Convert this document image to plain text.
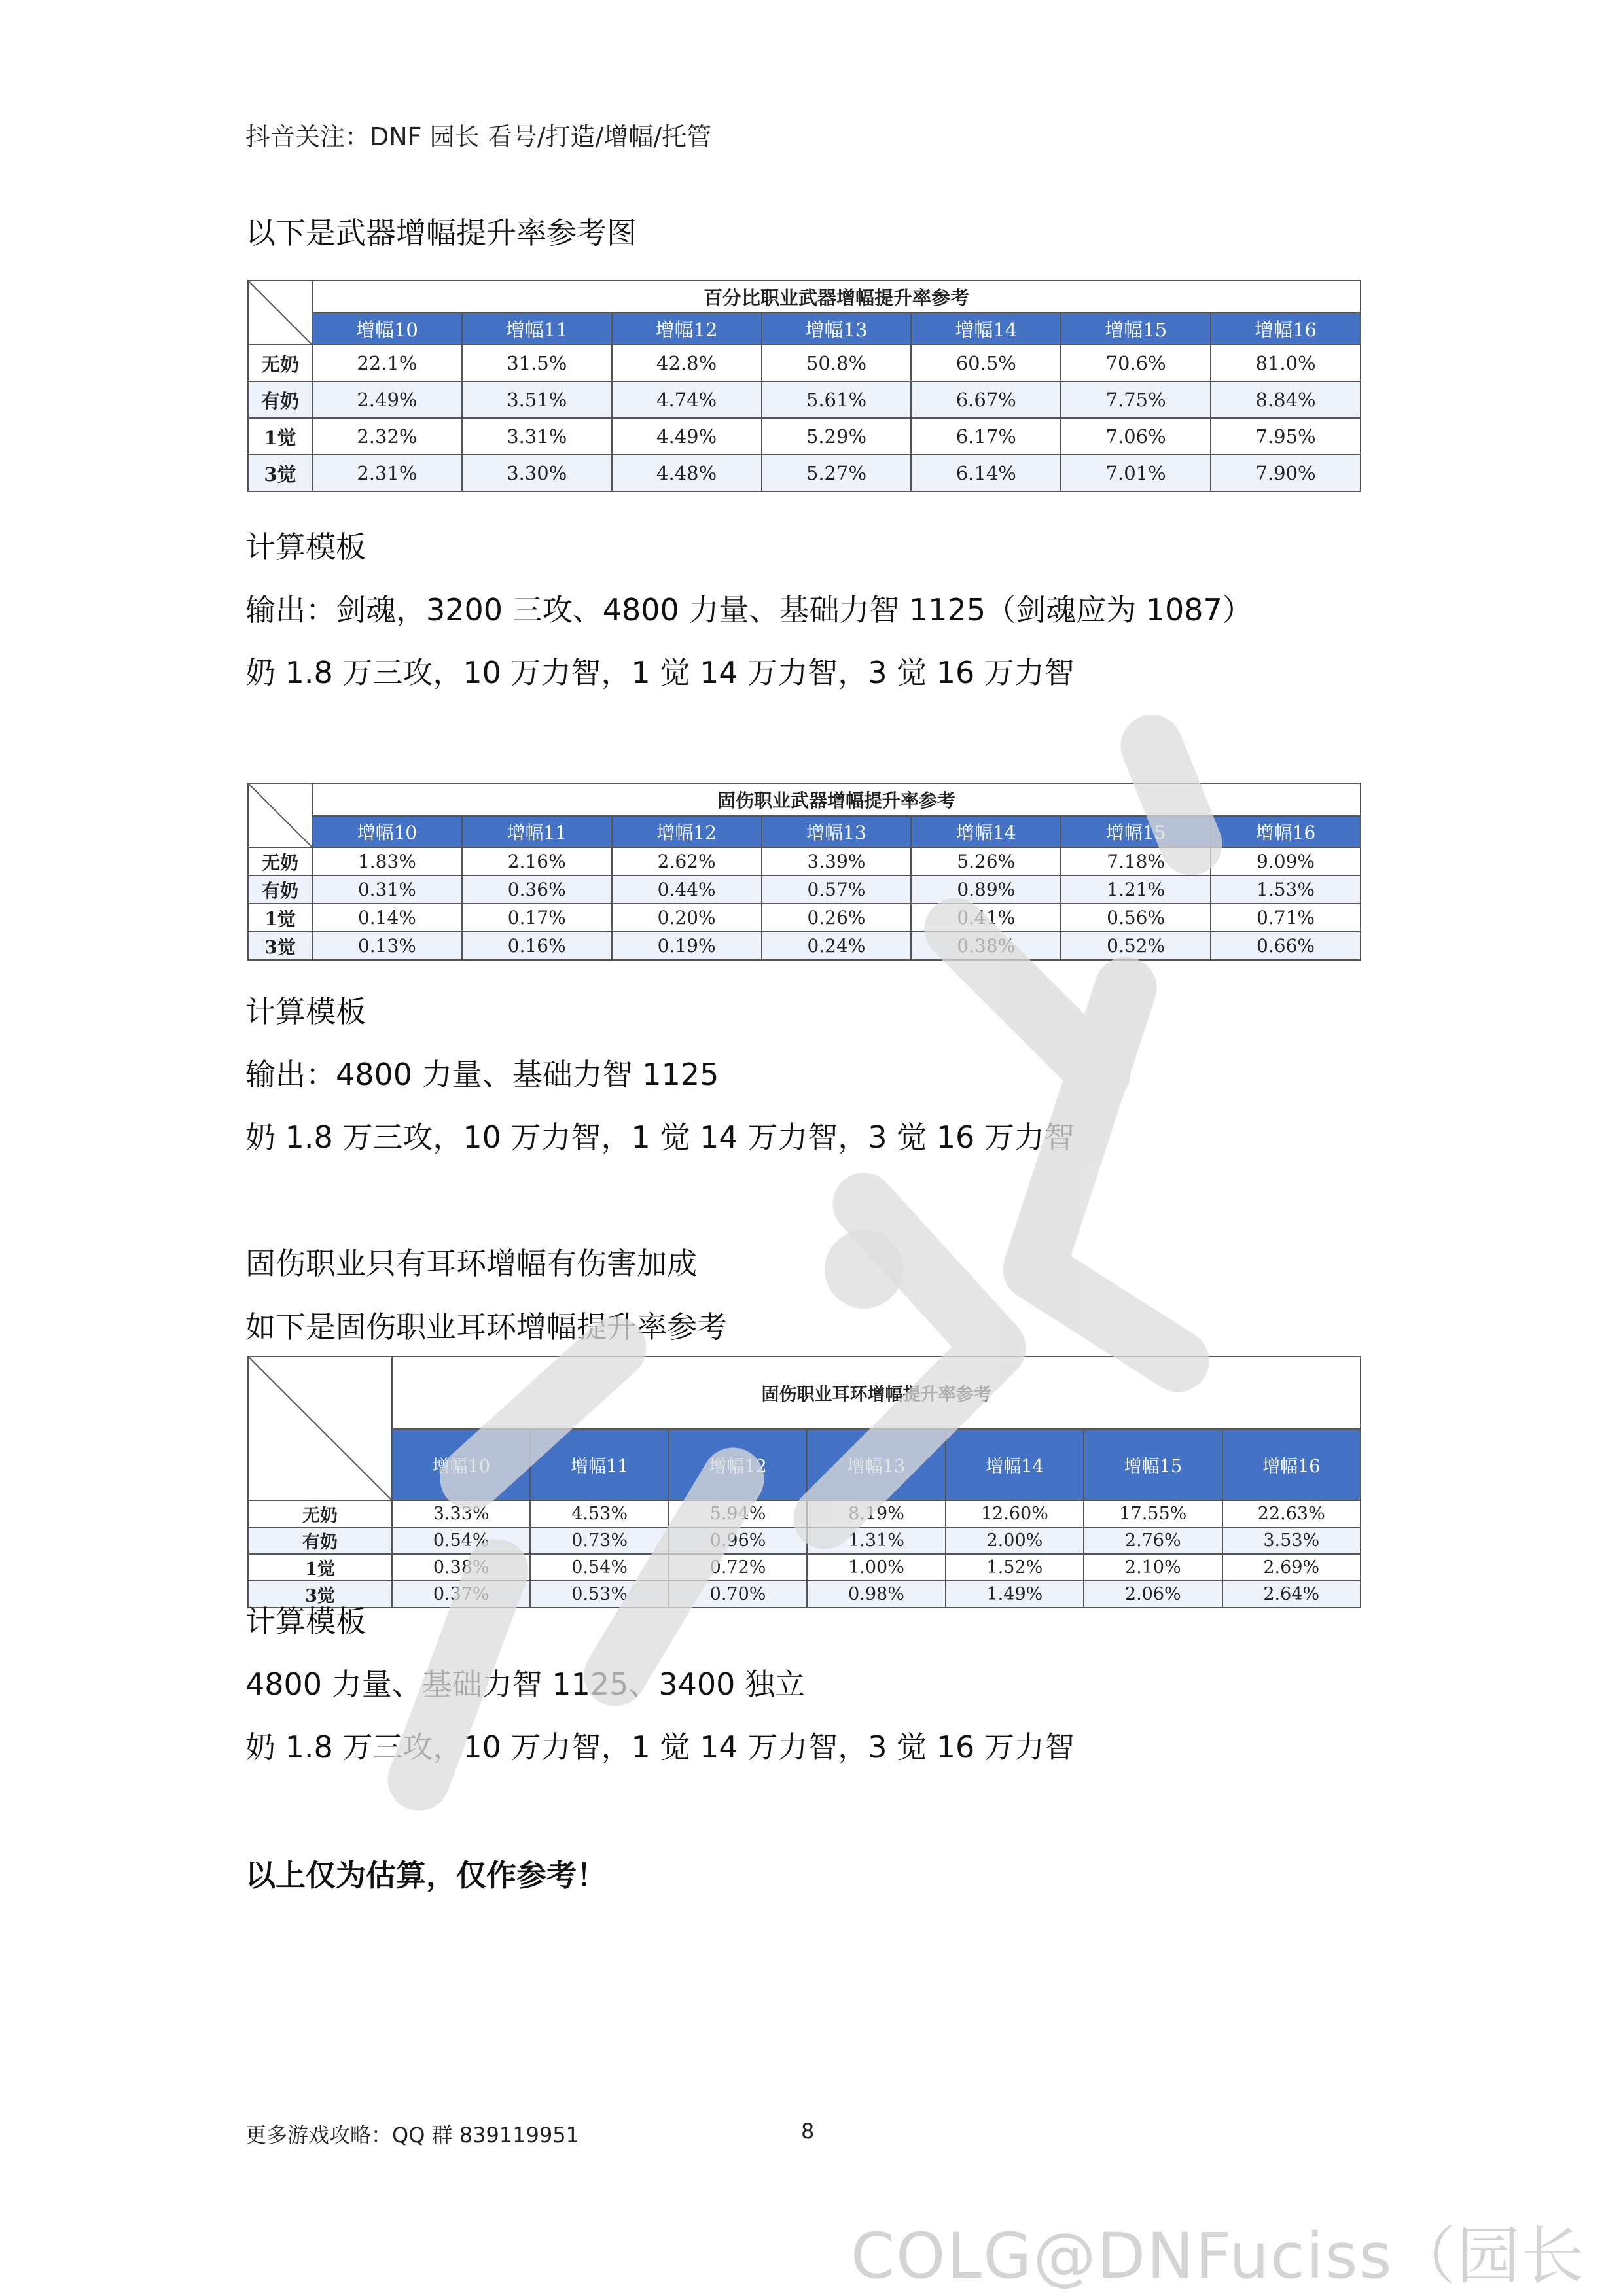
抖音关注：DNF 园长 看号/打造/增幅/托管
以下是武器增幅提升率参考图
	百分比职业武器增幅提升率参考						
	增幅10	增幅11	增幅12	增幅13	增幅14	增幅15	增幅16
无奶	22.1%	31.5%	42.8%	50.8%	60.5%	70.6%	81.0%
有奶	2.49%	3.51%	4.74%	5.61%	6.67%	7.75%	8.84%
1觉	2.32%	3.31%	4.49%	5.29%	6.17%	7.06%	7.95%
3觉	2.31%	3.30%	4.48%	5.27%	6.14%	7.01%	7.90%
计算模板
输出：剑魂，3200 三攻、4800 力量、基础力智 1125（剑魂应为 1087）
奶 1.8 万三攻，10 万力智，1 觉 14 万力智，3 觉 16 万力智
	固伤职业武器增幅提升率参考						
	增幅10	增幅11	增幅12	增幅13	增幅14	增幅15	增幅16
无奶	1.83%	2.16%	2.62%	3.39%	5.26%	7.18%	9.09%
有奶	0.31%	0.36%	0.44%	0.57%	0.89%	1.21%	1.53%
1觉	0.14%	0.17%	0.20%	0.26%	0.41%	0.56%	0.71%
3觉	0.13%	0.16%	0.19%	0.24%	0.38%	0.52%	0.66%
计算模板
输出：4800 力量、基础力智 1125
奶 1.8 万三攻，10 万力智，1 觉 14 万力智，3 觉 16 万力智
固伤职业只有耳环增幅有伤害加成
如下是固伤职业耳环增幅提升率参考
	固伤职业耳环增幅提升率参考						
	增幅10	增幅11	增幅12	增幅13	增幅14	增幅15	增幅16
无奶	3.33%	4.53%	5.94%	8.19%	12.60%	17.55%	22.63%
有奶	0.54%	0.73%	0.96%	1.31%	2.00%	2.76%	3.53%
1觉	0.38%	0.54%	0.72%	1.00%	1.52%	2.10%	2.69%
3觉	0.37%	0.53%	0.70%	0.98%	1.49%	2.06%	2.64%
计算模板
4800 力量、基础力智 1125、3400 独立
奶 1.8 万三攻，10 万力智，1 觉 14 万力智，3 觉 16 万力智
以上仅为估算，仅作参考！
更多游戏攻略：QQ 群 839119951	8
COLG@DNFuciss（园长
